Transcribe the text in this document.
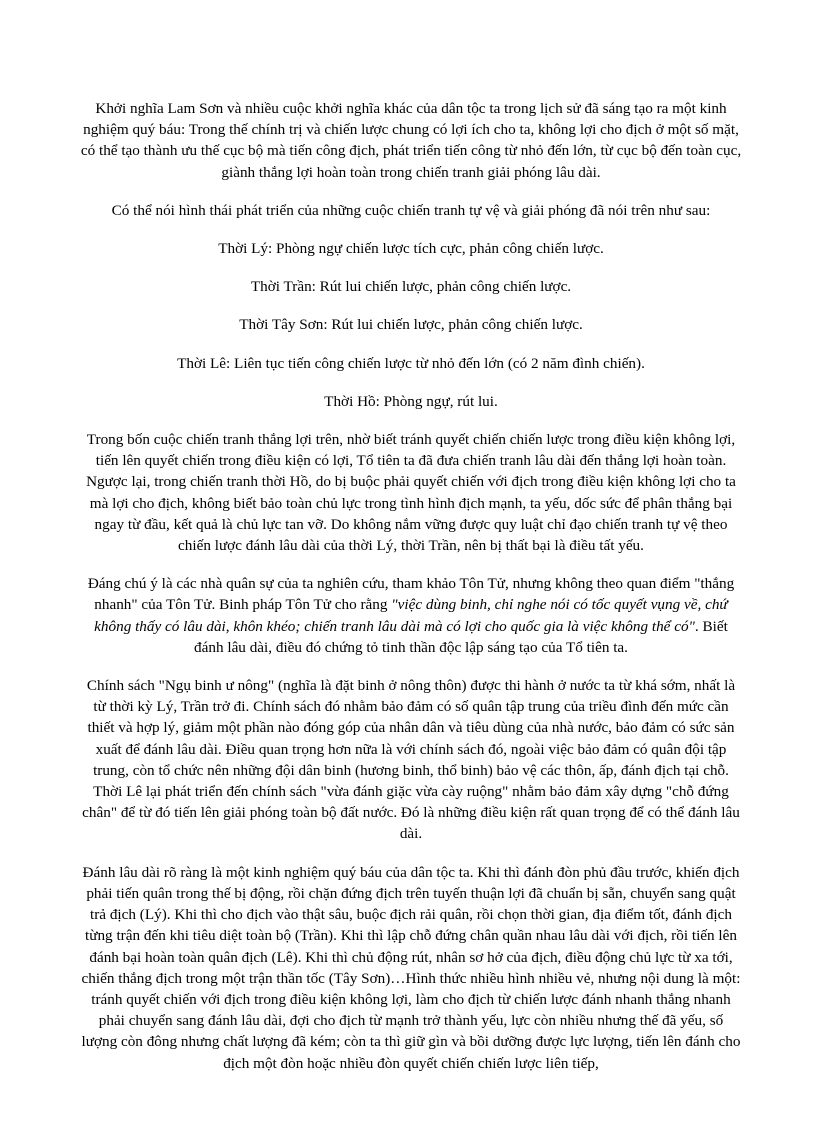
Khởi nghĩa Lam Sơn và nhiều cuộc khởi nghĩa khác của dân tộc ta trong lịch sử đã sáng tạo ra một kinh nghiệm quý báu: Trong thế chính trị và chiến lược chung có lợi ích cho ta, không lợi cho địch ở một số mặt, có thể tạo thành ưu thế cục bộ mà tiến công địch, phát triển tiến công từ nhỏ đến lớn, từ cục bộ đến toàn cục, giành thắng lợi hoàn toàn trong chiến tranh giải phóng lâu dài.

Có thể nói hình thái phát triển của những cuộc chiến tranh tự vệ và giải phóng đã nói trên như sau:

Thời Lý: Phòng ngự chiến lược tích cực, phản công chiến lược.

Thời Trần: Rút lui chiến lược, phản công chiến lược.

Thời Tây Sơn: Rút lui chiến lược, phản công chiến lược.

Thời Lê: Liên tục tiến công chiến lược từ nhỏ đến lớn (có 2 năm đình chiến).

Thời Hồ: Phòng ngự, rút lui.

Trong bốn cuộc chiến tranh thắng lợi trên, nhờ biết tránh quyết chiến chiến lược trong điều kiện không lợi, tiến lên quyết chiến trong điều kiện có lợi, Tổ tiên ta đã đưa chiến tranh lâu dài đến thắng lợi hoàn toàn. Ngược lại, trong chiến tranh thời Hồ, do bị buộc phải quyết chiến với địch trong điều kiện không lợi cho ta mà lợi cho địch, không biết bảo toàn chủ lực trong tình hình địch mạnh, ta yếu, dốc sức để phân thắng bại ngay từ đầu, kết quả là chủ lực tan vỡ. Do không nắm vững được quy luật chỉ đạo chiến tranh tự vệ theo chiến lược đánh lâu dài của thời Lý, thời Trần, nên bị thất bại là điều tất yếu.

Đáng chú ý là các nhà quân sự của ta nghiên cứu, tham khảo Tôn Tử, nhưng không theo quan điểm "thắng nhanh" của Tôn Tử. Binh pháp Tôn Tử cho rằng "việc dùng binh, chỉ nghe nói có tốc quyết vụng về, chứ không thấy có lâu dài, khôn khéo; chiến tranh lâu dài mà có lợi cho quốc gia là việc không thể có". Biết đánh lâu dài, điều đó chứng tỏ tinh thần độc lập sáng tạo của Tổ tiên ta.

Chính sách "Ngụ binh ư nông" (nghĩa là đặt binh ở nông thôn) được thi hành ở nước ta từ khá sớm, nhất là từ thời kỳ Lý, Trần trở đi. Chính sách đó nhằm bảo đảm có số quân tập trung của triều đình đến mức cần thiết và hợp lý, giảm một phần nào đóng góp của nhân dân và tiêu dùng của nhà nước, bảo đảm có sức sản xuất để đánh lâu dài. Điều quan trọng hơn nữa là với chính sách đó, ngoài việc bảo đảm có quân đội tập trung, còn tổ chức nên những đội dân binh (hương binh, thổ binh) bảo vệ các thôn, ấp, đánh địch tại chỗ. Thời Lê lại phát triển đến chính sách "vừa đánh giặc vừa cày ruộng" nhằm bảo đảm xây dựng "chỗ đứng chân" để từ đó tiến lên giải phóng toàn bộ đất nước. Đó là những điều kiện rất quan trọng để có thể đánh lâu dài.

Đánh lâu dài rõ ràng là một kinh nghiệm quý báu của dân tộc ta. Khi thì đánh đòn phủ đầu trước, khiến địch phải tiến quân trong thế bị động, rồi chặn đứng địch trên tuyến thuận lợi đã chuẩn bị sẵn, chuyển sang quật trả địch (Lý). Khi thì cho địch vào thật sâu, buộc địch rải quân, rồi chọn thời gian, địa điểm tốt, đánh địch từng trận đến khi tiêu diệt toàn bộ (Trần). Khi thì lập chỗ đứng chân quần nhau lâu dài với địch, rồi tiến lên đánh bại hoàn toàn quân địch (Lê). Khi thì chủ động rút, nhân sơ hở của địch, điều động chủ lực từ xa tới, chiến thắng địch trong một trận thần tốc (Tây Sơn)…Hình thức nhiều hình nhiều vẻ, nhưng nội dung là một: tránh quyết chiến với địch trong điều kiện không lợi, làm cho địch từ chiến lược đánh nhanh thắng nhanh phải chuyển sang đánh lâu dài, đợi cho địch từ mạnh trở thành yếu, lực còn nhiều nhưng thế đã yếu, số lượng còn đông nhưng chất lượng đã kém; còn ta thì giữ gìn và bồi dưỡng được lực lượng, tiến lên đánh cho địch một đòn hoặc nhiều đòn quyết chiến chiến lược liên tiếp,
